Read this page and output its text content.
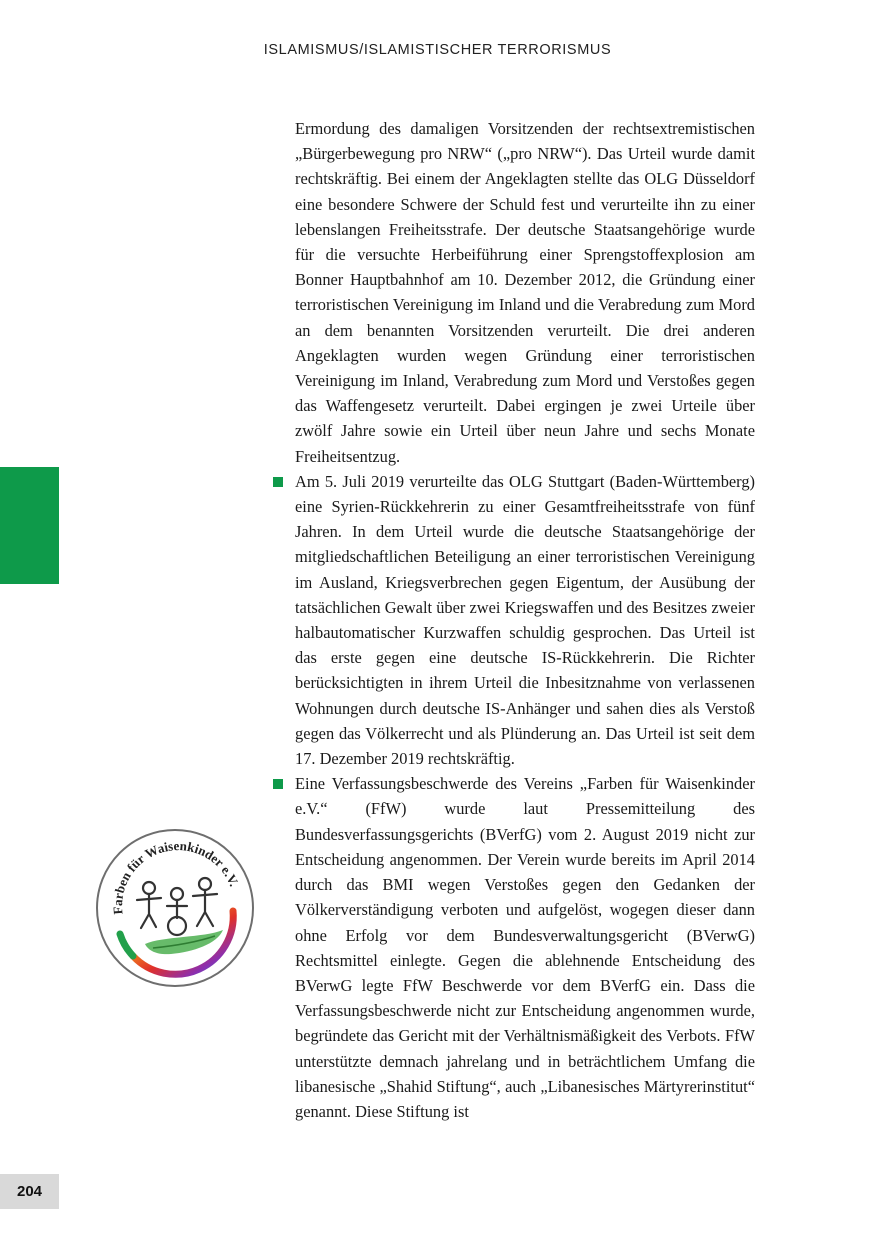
ISLAMISMUS/ISLAMISTISCHER TERRORISMUS
204
Farben für Waisenkinder e.V.

Ermordung des damaligen Vorsitzenden der rechtsextremistischen „Bürgerbewegung pro NRW“ („pro NRW“). Das Urteil wurde damit rechtskräftig. Bei einem der Angeklagten stellte das OLG Düsseldorf eine besondere Schwere der Schuld fest und verurteilte ihn zu einer lebenslangen Freiheitsstrafe. Der deutsche Staatsangehörige wurde für die versuchte Herbeiführung einer Sprengstoffexplosion am Bonner Hauptbahnhof am 10. Dezember 2012, die Gründung einer terroristischen Vereinigung im Inland und die Verabredung zum Mord an dem benannten Vorsitzenden verurteilt. Die drei anderen Angeklagten wurden wegen Gründung einer terroristischen Vereinigung im Inland, Verabredung zum Mord und Verstoßes gegen das Waffengesetz verurteilt. Dabei ergingen je zwei Urteile über zwölf Jahre sowie ein Urteil über neun Jahre und sechs Monate Freiheitsentzug.

Am 5. Juli 2019 verurteilte das OLG Stuttgart (Baden-Württemberg) eine Syrien-Rückkehrerin zu einer Gesamtfreiheitsstrafe von fünf Jahren. In dem Urteil wurde die deutsche Staatsangehörige der mitgliedschaftlichen Beteiligung an einer terroristischen Vereinigung im Ausland, Kriegsverbrechen gegen Eigentum, der Ausübung der tatsächlichen Gewalt über zwei Kriegswaffen und des Besitzes zweier halbautomatischer Kurzwaffen schuldig gesprochen. Das Urteil ist das erste gegen eine deutsche IS-Rückkehrerin. Die Richter berücksichtigten in ihrem Urteil die Inbesitznahme von verlassenen Wohnungen durch deutsche IS-Anhänger und sahen dies als Verstoß gegen das Völkerrecht und als Plünderung an. Das Urteil ist seit dem 17. Dezember 2019 rechtskräftig.

Eine Verfassungsbeschwerde des Vereins „Farben für Waisenkinder e.V.“ (FfW) wurde laut Pressemitteilung des Bundesverfassungsgerichts (BVerfG) vom 2. August 2019 nicht zur Entscheidung angenommen. Der Verein wurde bereits im April 2014 durch das BMI wegen Verstoßes gegen den Gedanken der Völkerverständigung verboten und aufgelöst, wogegen dieser dann ohne Erfolg vor dem Bundesverwaltungsgericht (BVerwG) Rechtsmittel einlegte. Gegen die ablehnende Entscheidung des BVerwG legte FfW Beschwerde vor dem BVerfG ein. Dass die Verfassungsbeschwerde nicht zur Entscheidung angenommen wurde, begründete das Gericht mit der Verhältnismäßigkeit des Verbots. FfW unterstützte demnach jahrelang und in beträchtlichem Umfang die libanesische „Shahid Stiftung“, auch „Libanesisches Märtyrerinstitut“ genannt. Diese Stiftung ist
